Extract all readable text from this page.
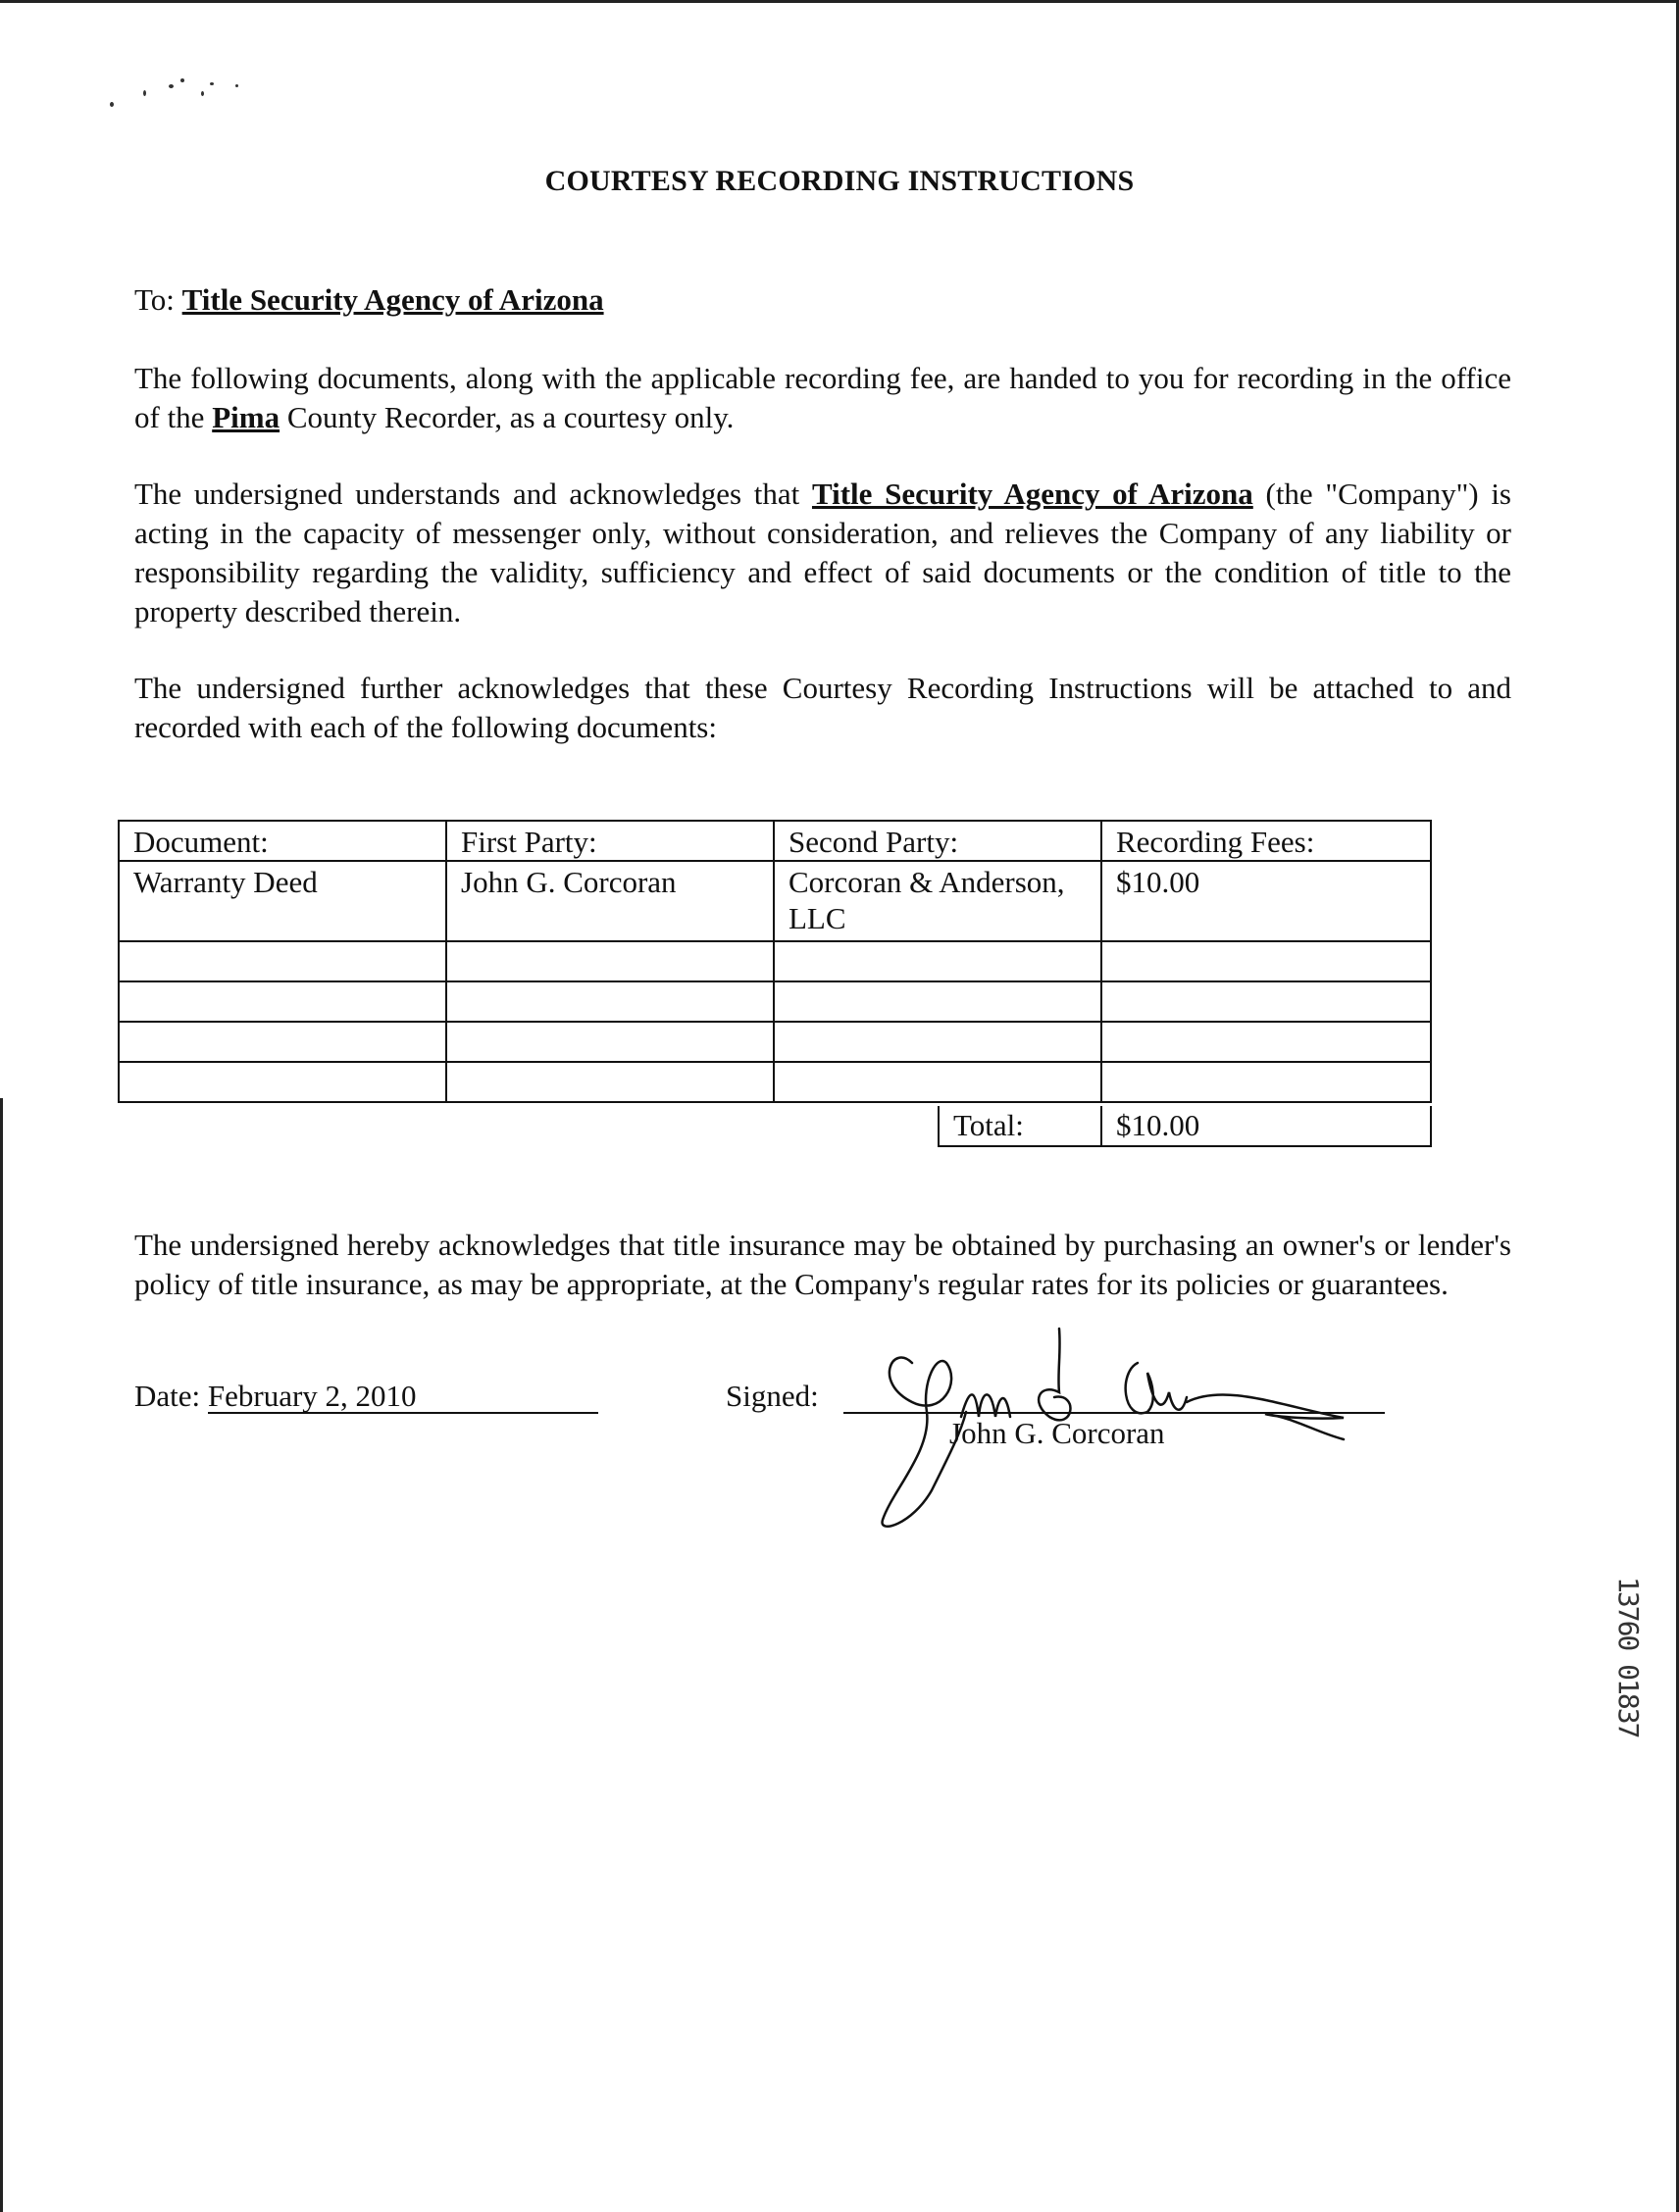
COURTESY RECORDING INSTRUCTIONS
To: Title Security Agency of Arizona
The following documents, along with the applicable recording fee, are handed to you for recording in the office of the Pima County Recorder, as a courtesy only.
The undersigned understands and acknowledges that Title Security Agency of Arizona (the "Company") is acting in the capacity of messenger only, without consideration, and relieves the Company of any liability or responsibility regarding the validity, sufficiency and effect of said documents or the condition of title to the property described therein.
The undersigned further acknowledges that these Courtesy Recording Instructions will be attached to and recorded with each of the following documents:
Document:	First Party:	Second Party:	Recording Fees:
Warranty Deed	John G. Corcoran	Corcoran & Anderson, LLC	$10.00

Total:	$10.00
The undersigned hereby acknowledges that title insurance may be obtained by purchasing an owner's or lender's policy of title insurance, as may be appropriate, at the Company's regular rates for its policies or guarantees.
Date: February 2, 2010	Signed:
John G. Corcoran
13760 01837
